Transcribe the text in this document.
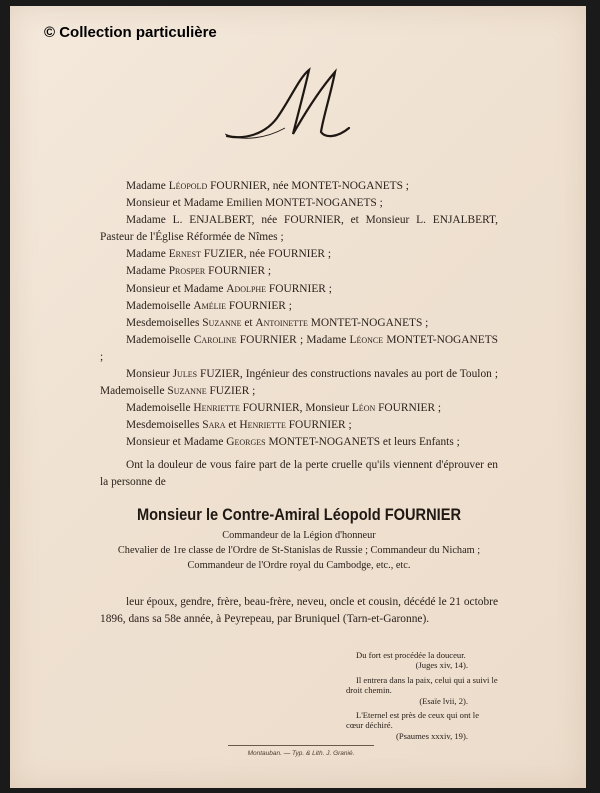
© Collection particulière
M

Madame Léopold FOURNIER, née MONTET-NOGANETS ;

Monsieur et Madame Emilien MONTET-NOGANETS ;

Madame L. ENJALBERT, née FOURNIER, et Monsieur L. ENJALBERT, Pasteur de l'Église Réformée de Nîmes ;

Madame Ernest FUZIER, née FOURNIER ;

Madame Prosper FOURNIER ;

Monsieur et Madame Adolphe FOURNIER ;

Mademoiselle Amélie FOURNIER ;

Mesdemoiselles Suzanne et Antoinette MONTET-NOGANETS ;

Mademoiselle Caroline FOURNIER ; Madame Léonce MONTET-NOGANETS ;

Monsieur Jules FUZIER, Ingénieur des constructions navales au port de Toulon ; Mademoiselle Suzanne FUZIER ;

Mademoiselle Henriette FOURNIER, Monsieur Léon FOURNIER ;

Mesdemoiselles Sara et Henriette FOURNIER ;

Monsieur et Madame Georges MONTET-NOGANETS et leurs Enfants ;

Ont la douleur de vous faire part de la perte cruelle qu'ils viennent d'éprouver en la personne de

Monsieur le Contre-Amiral Léopold FOURNIER
Commandeur de la Légion d'honneur
Chevalier de 1re classe de l'Ordre de St-Stanislas de Russie ; Commandeur du Nicham ;
Commandeur de l'Ordre royal du Cambodge, etc., etc.

leur époux, gendre, frère, beau-frère, neveu, oncle et cousin, décédé le 21 octobre 1896, dans sa 58e année, à Peyrepeau, par Bruniquel (Tarn-et-Garonne).

Du fort est procédée la douceur.
(Juges xiv, 14).
Il entrera dans la paix, celui qui a suivi le droit chemin.
(Esaïe lvii, 2).
L'Eternel est près de ceux qui ont le cœur déchiré.
(Psaumes xxxiv, 19).
Montauban. — Typ. & Lith. J. Granié.
